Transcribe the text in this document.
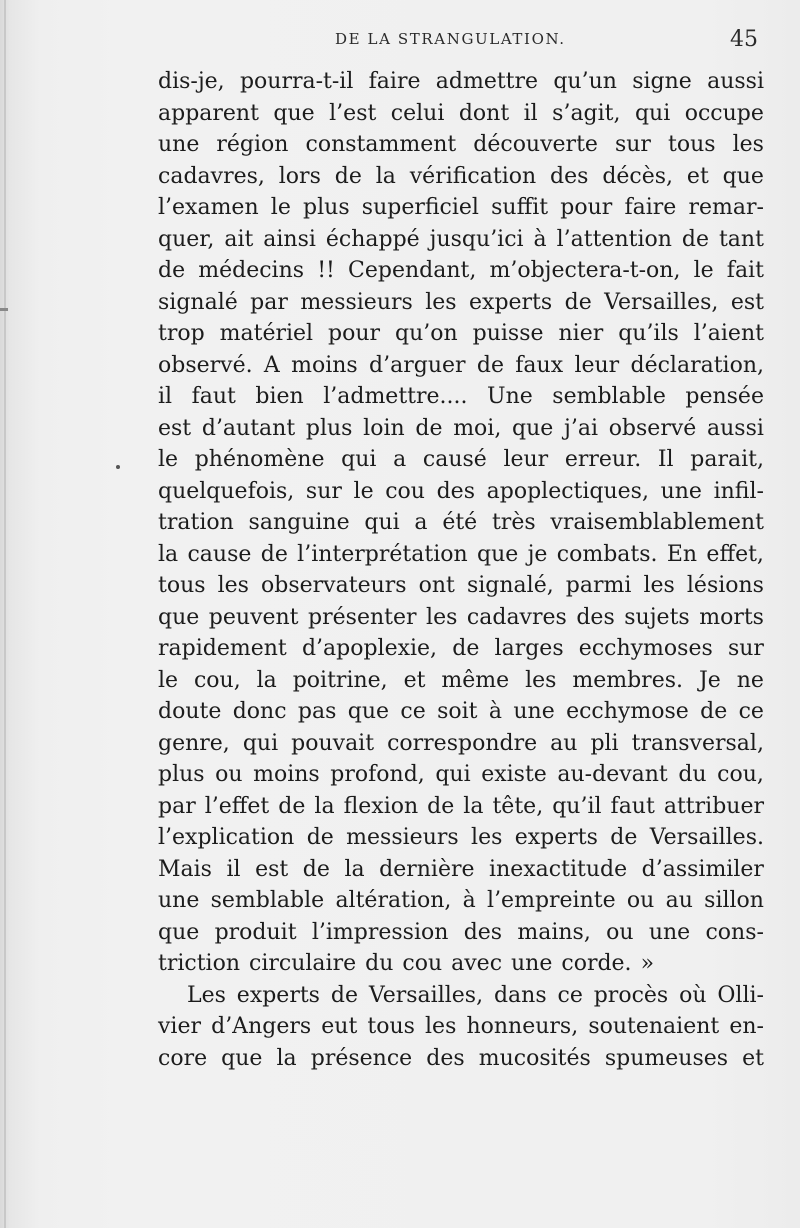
DE LA STRANGULATION.	45
dis-je, pourra-t-il faire admettre qu’un signe aussi
apparent que l’est celui dont il s’agit, qui occupe
une région constamment découverte sur tous les
cadavres, lors de la vérification des décès, et que
l’examen le plus superficiel suffit pour faire remar-
quer, ait ainsi échappé jusqu’ici à l’attention de tant
de médecins !! Cependant, m’objectera-t-on, le fait
signalé par messieurs les experts de Versailles, est
trop matériel pour qu’on puisse nier qu’ils l’aient
observé. A moins d’arguer de faux leur déclaration,
il faut bien l’admettre.... Une semblable pensée
est d’autant plus loin de moi, que j’ai observé aussi
le phénomène qui a causé leur erreur. Il parait,
quelquefois, sur le cou des apoplectiques, une infil-
tration sanguine qui a été très vraisemblablement
la cause de l’interprétation que je combats. En effet,
tous les observateurs ont signalé, parmi les lésions
que peuvent présenter les cadavres des sujets morts
rapidement d’apoplexie, de larges ecchymoses sur
le cou, la poitrine, et même les membres. Je ne
doute donc pas que ce soit à une ecchymose de ce
genre, qui pouvait correspondre au pli transversal,
plus ou moins profond, qui existe au-devant du cou,
par l’effet de la flexion de la tête, qu’il faut attribuer
l’explication de messieurs les experts de Versailles.
Mais il est de la dernière inexactitude d’assimiler
une semblable altération, à l’empreinte ou au sillon
que produit l’impression des mains, ou une cons-
triction circulaire du cou avec une corde. »
Les experts de Versailles, dans ce procès où Olli-
vier d’Angers eut tous les honneurs, soutenaient en-
core que la présence des mucosités spumeuses et
